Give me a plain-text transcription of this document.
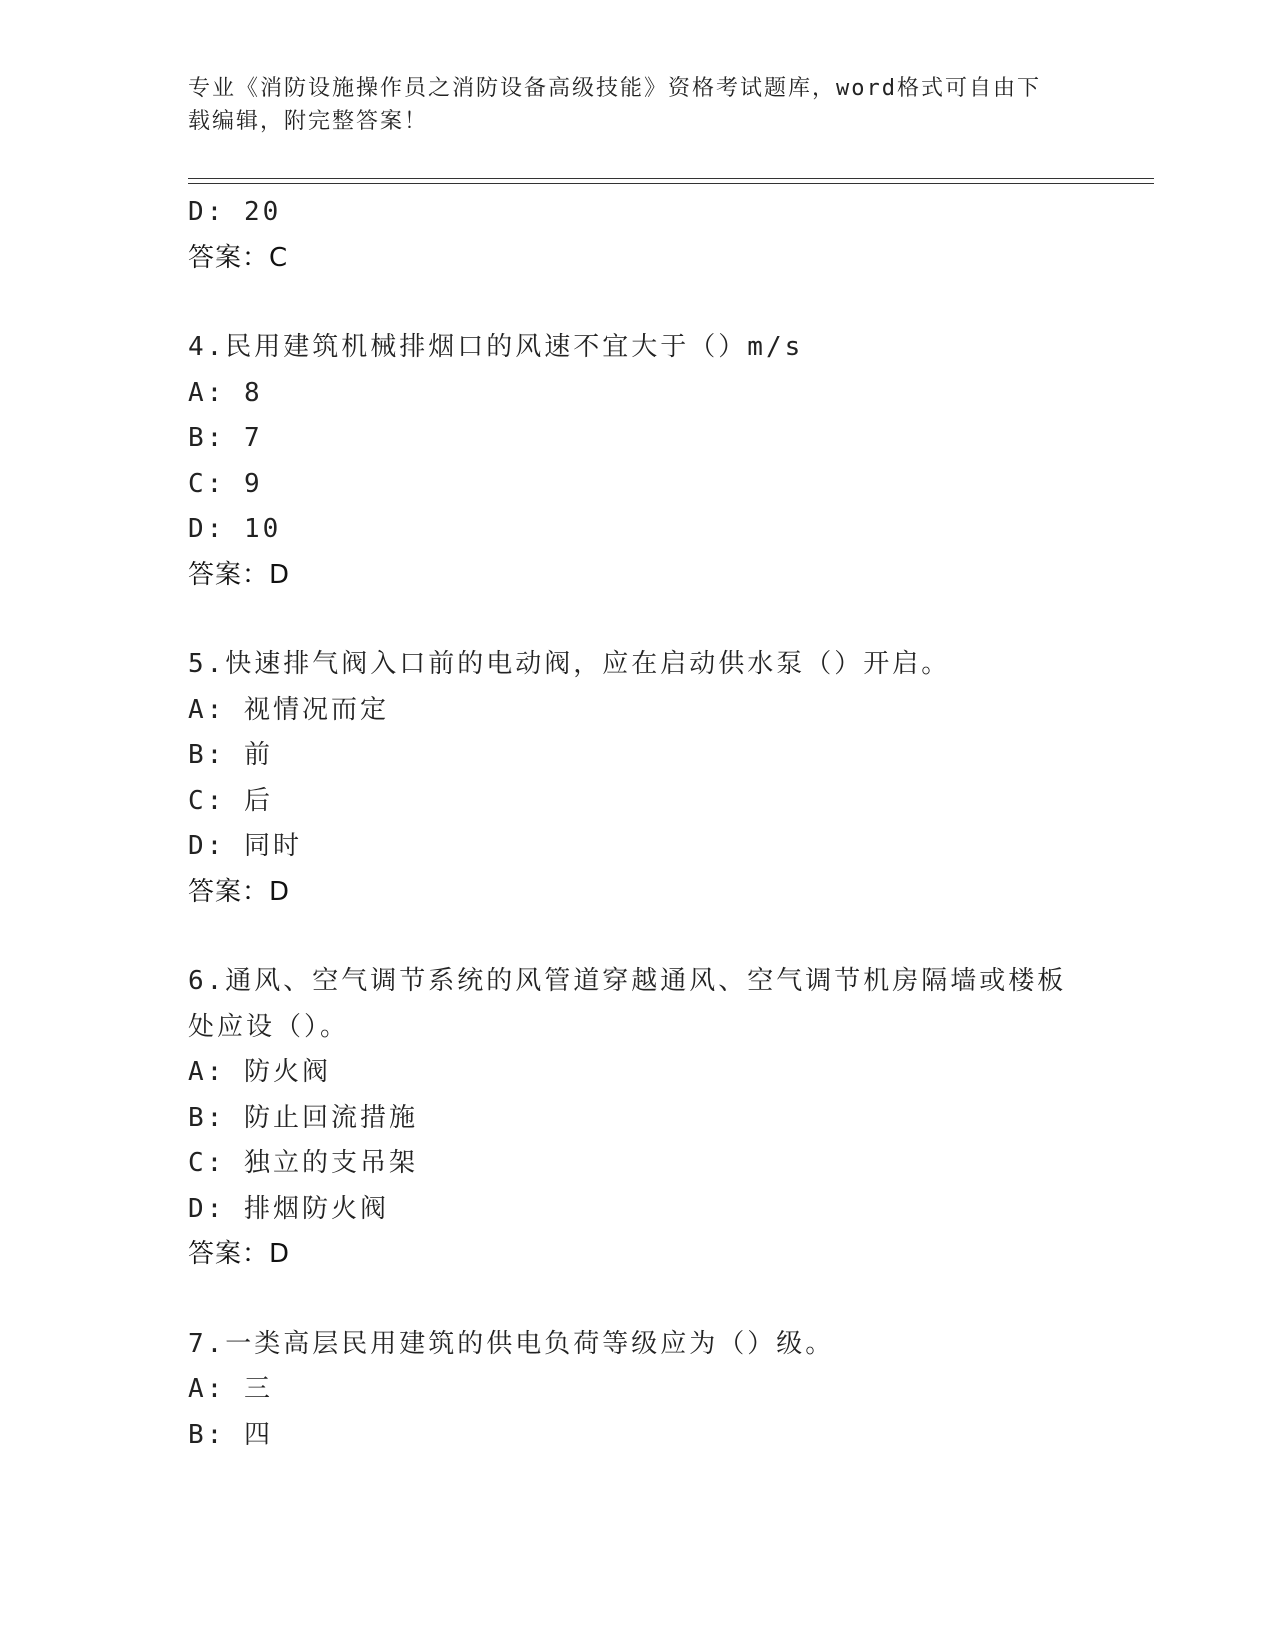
专业《消防设施操作员之消防设备高级技能》资格考试题库，word格式可自由下
载编辑，附完整答案！
D: 20
答案：C
4.民用建筑机械排烟口的风速不宜大于（）m/s
A: 8
B: 7
C: 9
D: 10
答案：D
5.快速排气阀入口前的电动阀，应在启动供水泵（）开启。
A: 视情况而定
B: 前
C: 后
D: 同时
答案：D
6.通风、空气调节系统的风管道穿越通风、空气调节机房隔墙或楼板
处应设（）。
A: 防火阀
B: 防止回流措施
C: 独立的支吊架
D: 排烟防火阀
答案：D
7.一类高层民用建筑的供电负荷等级应为（）级。
A: 三
B: 四
